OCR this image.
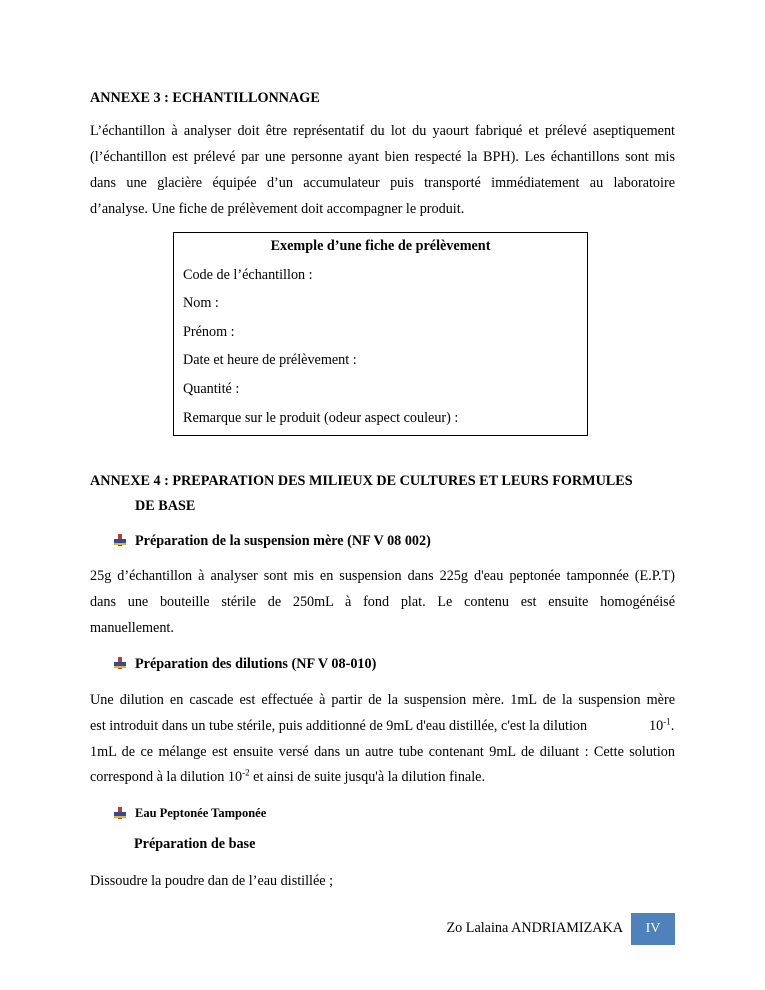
ANNEXE 3 : ECHANTILLONNAGE
L’échantillon à analyser doit être représentatif du lot du yaourt fabriqué et prélevé aseptiquement
(l’échantillon est prélevé par une personne ayant bien respecté la BPH). Les échantillons sont mis
dans une glacière équipée d’un accumulateur puis transporté immédiatement au laboratoire
d’analyse. Une fiche de prélèvement doit accompagner le produit.
Exemple d’une fiche de prélèvement
Code de l’échantillon :
Nom :
Prénom :
Date et heure de prélèvement :
Quantité :
Remarque sur le produit (odeur aspect couleur) :
ANNEXE 4 : PREPARATION DES MILIEUX DE CULTURES ET LEURS FORMULES
DE BASE
Préparation de la suspension mère (NF V 08 002)
25g d’échantillon à analyser sont mis en suspension dans 225g d'eau peptonée tamponnée (E.P.T)
dans une bouteille stérile de 250mL à fond plat. Le contenu est ensuite homogénéisé
manuellement.
Préparation des dilutions (NF V 08-010)
Une dilution en cascade est effectuée à partir de la suspension mère. 1mL de la suspension mère
est introduit dans un tube stérile, puis additionné de 9mL d'eau distillée, c'est la dilution	$10^{-1}$.
1mL de ce mélange est ensuite versé dans un autre tube contenant 9mL de diluant : Cette solution
correspond à la dilution $10^{-2}$ et ainsi de suite jusqu'à la dilution finale.
Eau Peptonée Tamponée
Préparation de base
Dissoudre la poudre dan de l’eau distillée ;
Zo Lalaina ANDRIAMIZAKA	IV
